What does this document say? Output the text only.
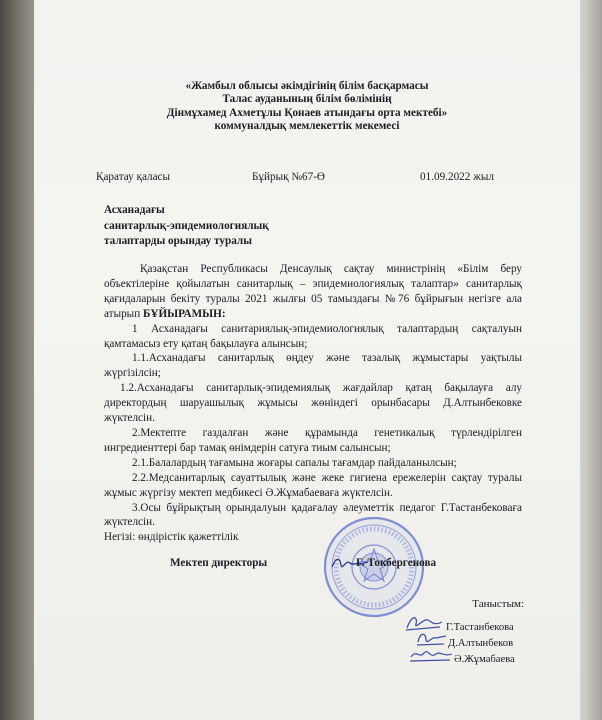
«Жамбыл облысы әкімдігінің білім басқармасы
Талас ауданының білім бөлімінің
Дінмұхамед Ахметұлы Қонаев атындағы орта мектебі»
коммуналдық мемлекеттік мекемесі
Қаратау қаласы	Бұйрық №67-Ө	01.09.2022 жыл
Асханадағы
санитарлық-эпидемиологиялық
талаптарды орындау туралы

Қазақстан Республикасы Денсаулық сақтау министрінің «Білім беру объектілеріне қойылатын санитарлық – эпидемиологиялық талаптар» санитарлық қағидаларын бекіту туралы 2021 жылғы 05 тамыздағы №76 бұйрығын негізге ала атырып БҰЙЫРАМЫН:

1 Асханадағы санитариялық-эпидемиологиялық талаптардың сақталуын қамтамасыз ету қатаң бақылауға алынсын;

1.1.Асханадағы санитарлық өңдеу және тазалық жұмыстары уақтылы жүргізілсін;

1.2.Асханадағы санитарлық-эпидемиялық жағдайлар қатаң бақылауға алу директордың шаруашылық жұмысы жөніндегі орынбасары Д.Алтынбековке жүктелсін.

2.Мектепте газдалған және құрамында генетикалық түрлендірілген ингредиенттері бар тамақ өнімдерін сатуға тиым салынсын;

2.1.Балалардың тағамына жоғары сапалы тағамдар пайдаланылсын;

2.2.Медсанитарлық сауаттылық және жеке гигиена ережелерін сақтау туралы жұмыс жүргізу мектеп медбикесі Ә.Жұмабаеваға жүктелсін.

3.Осы бұйрықтың орындалуын қадағалау әлеуметтік педагог Г.Тастанбековаға жүктелсін.

Негізі: өндірістік қажеттілік

Мектеп директоры	Г. Токбергенова
Таныстым:
Г.Тастанбекова
Д.Алтынбеков
Ә.Жұмабаева
